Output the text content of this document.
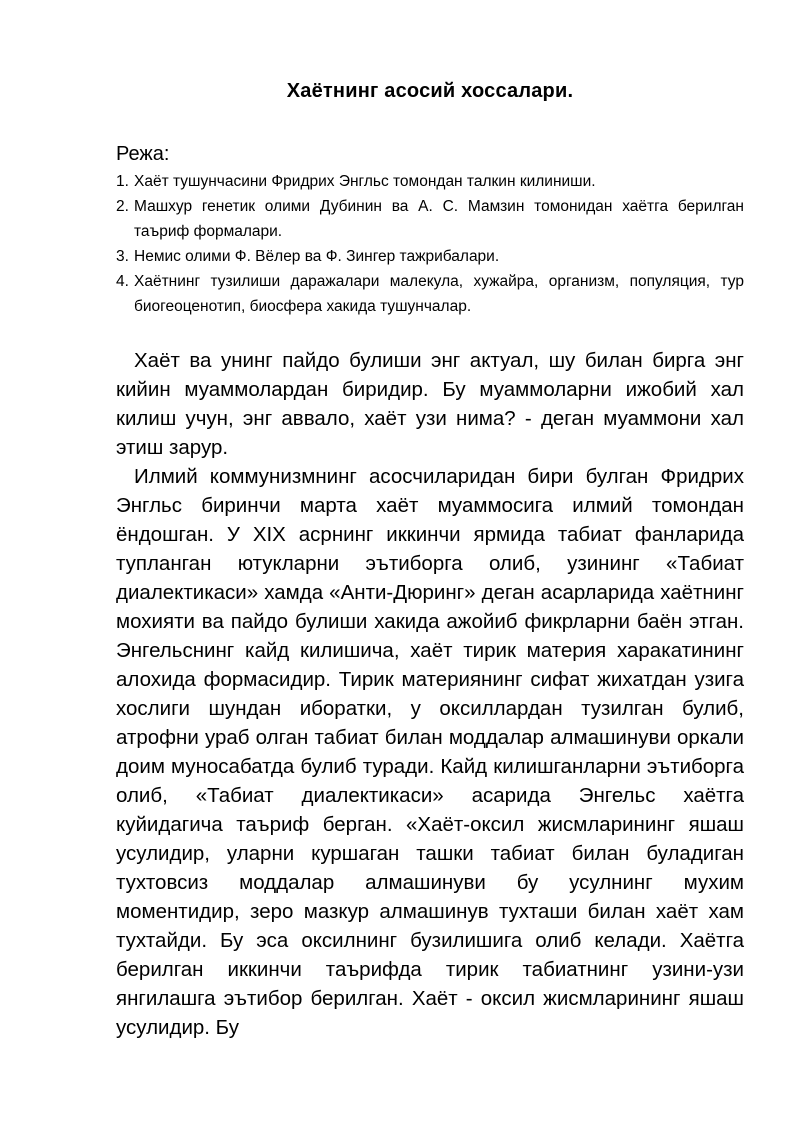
Хаётнинг асосий хоссалари.
Режа:
1. Хаёт тушунчасини Фридрих Энгльс томондан талкин килиниши.
2. Машхур генетик олими Дубинин ва А. С. Мамзин томонидан хаётга берилган таъриф формалари.
3. Немис олими Ф. Вёлер ва Ф. Зингер тажрибалари.
4. Хаётнинг тузилиши даражалари малекула, хужайра, организм, популяция, тур биогеоценотип, биосфера хакида тушунчалар.

Хаёт ва унинг пайдо булиши энг актуал, шу билан бирга энг кийин муаммолардан биридир. Бу муаммоларни ижобий хал килиш учун, энг аввало, хаёт узи нима? - деган муаммони хал этиш зарур.

Илмий коммунизмнинг асосчиларидан бири булган Фридрих Энгльс биринчи марта хаёт муаммосига илмий томондан ёндошган. У XIX асрнинг иккинчи ярмида табиат фанларида тупланган ютукларни эътиборга олиб, узининг «Табиат диалектикаси» хамда «Анти-Дюринг» деган асарларида хаётнинг мохияти ва пайдо булиши хакида ажойиб фикрларни баён этган. Энгельснинг кайд килишича, хаёт тирик материя харакатининг алохида формасидир. Тирик материянинг сифат жихатдан узига хослиги шундан иборатки, у оксиллардан тузилган булиб, атрофни ураб олган табиат билан моддалар алмашинуви оркали доим муносабатда булиб туради. Кайд килишганларни эътиборга олиб, «Табиат диалектикаси» асарида Энгельс хаётга куйидагича таъриф берган. «Хаёт-оксил жисмларининг яшаш усулидир, уларни куршаган ташки табиат билан буладиган тухтовсиз моддалар алмашинуви бу усулнинг мухим моментидир, зеро мазкур алмашинув тухташи билан хаёт хам тухтайди. Бу эса оксилнинг бузилишига олиб келади. Хаётга берилган иккинчи таърифда тирик табиатнинг узини-узи янгилашга эътибор берилган. Хаёт - оксил жисмларининг яшаш усулидир. Бу
